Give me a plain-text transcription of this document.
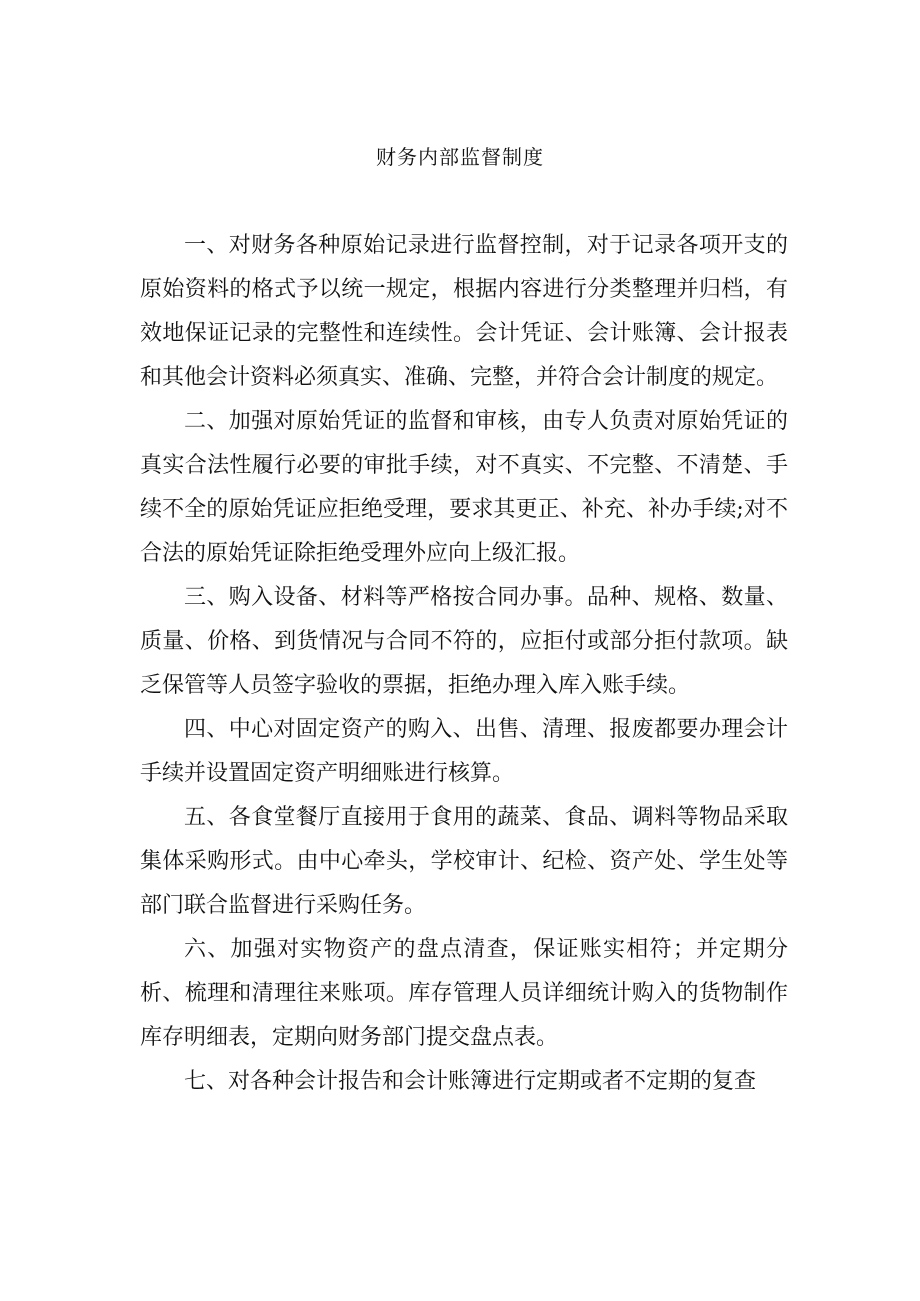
财务内部监督制度

一、对财务各种原始记录进行监督控制，对于记录各项开支的原始资料的格式予以统一规定，根据内容进行分类整理并归档，有效地保证记录的完整性和连续性。会计凭证、会计账簿、会计报表和其他会计资料必须真实、准确、完整，并符合会计制度的规定。

二、加强对原始凭证的监督和审核，由专人负责对原始凭证的真实合法性履行必要的审批手续，对不真实、不完整、不清楚、手续不全的原始凭证应拒绝受理，要求其更正、补充、补办手续;对不合法的原始凭证除拒绝受理外应向上级汇报。

三、购入设备、材料等严格按合同办事。品种、规格、数量、质量、价格、到货情况与合同不符的，应拒付或部分拒付款项。缺乏保管等人员签字验收的票据，拒绝办理入库入账手续。

四、中心对固定资产的购入、出售、清理、报废都要办理会计手续并设置固定资产明细账进行核算。

五、各食堂餐厅直接用于食用的蔬菜、食品、调料等物品采取集体采购形式。由中心牵头，学校审计、纪检、资产处、学生处等部门联合监督进行采购任务。

六、加强对实物资产的盘点清查，保证账实相符；并定期分析、梳理和清理往来账项。库存管理人员详细统计购入的货物制作库存明细表，定期向财务部门提交盘点表。

七、对各种会计报告和会计账簿进行定期或者不定期的复查
